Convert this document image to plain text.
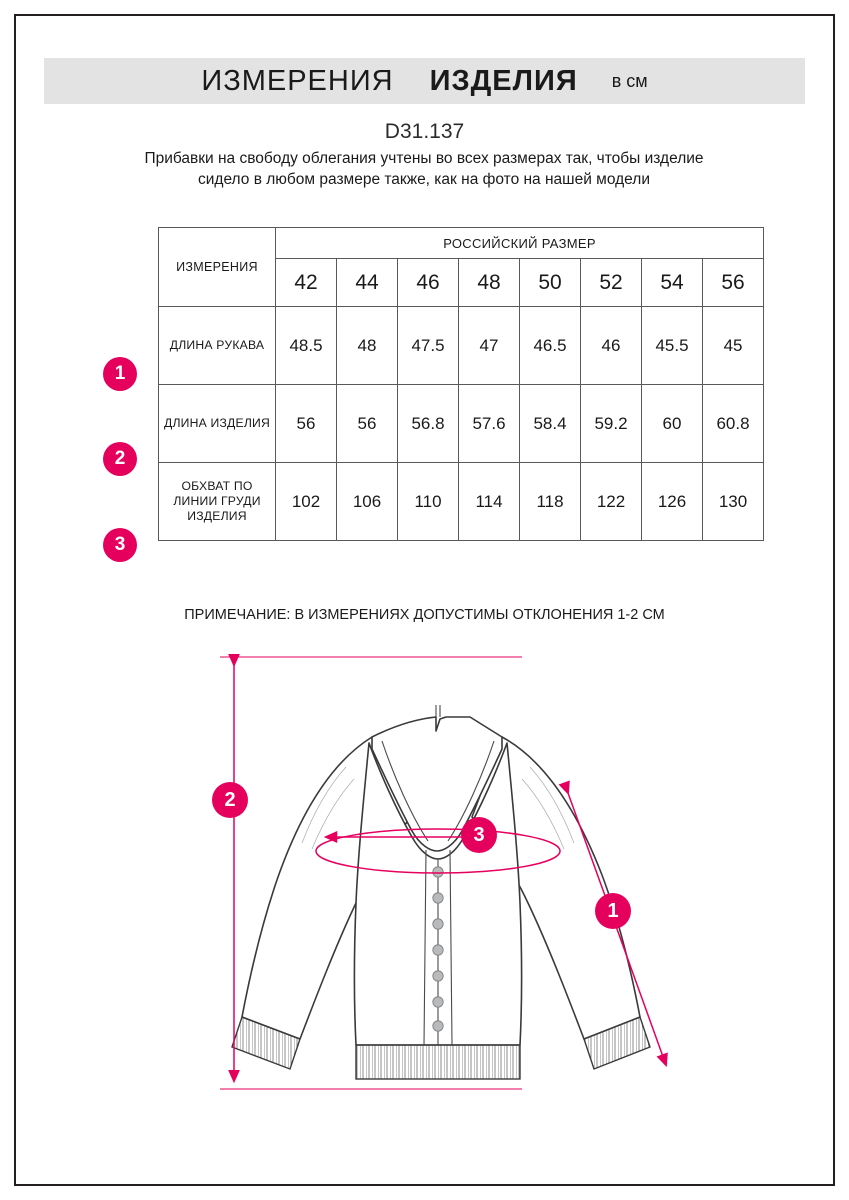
ИЗМЕРЕНИЯ ИЗДЕЛИЯ в см
D31.137
Прибавки на свободу облегания учтены во всех размерах так, чтобы изделие сидело в любом размере также, как на фото на нашей модели
ИЗМЕРЕНИЯ	РОССИЙСКИЙ РАЗМЕР							
	42	44	46	48	50	52	54	56
ДЛИНА РУКАВА	48.5	48	47.5	47	46.5	46	45.5	45
ДЛИНА ИЗДЕЛИЯ	56	56	56.8	57.6	58.4	59.2	60	60.8
ОБХВАТ ПО ЛИНИИ ГРУДИ ИЗДЕЛИЯ	102	106	110	114	118	122	126	130
1
2
3
ПРИМЕЧАНИЕ: В ИЗМЕРЕНИЯХ ДОПУСТИМЫ ОТКЛОНЕНИЯ 1-2 СМ
2
3
1
